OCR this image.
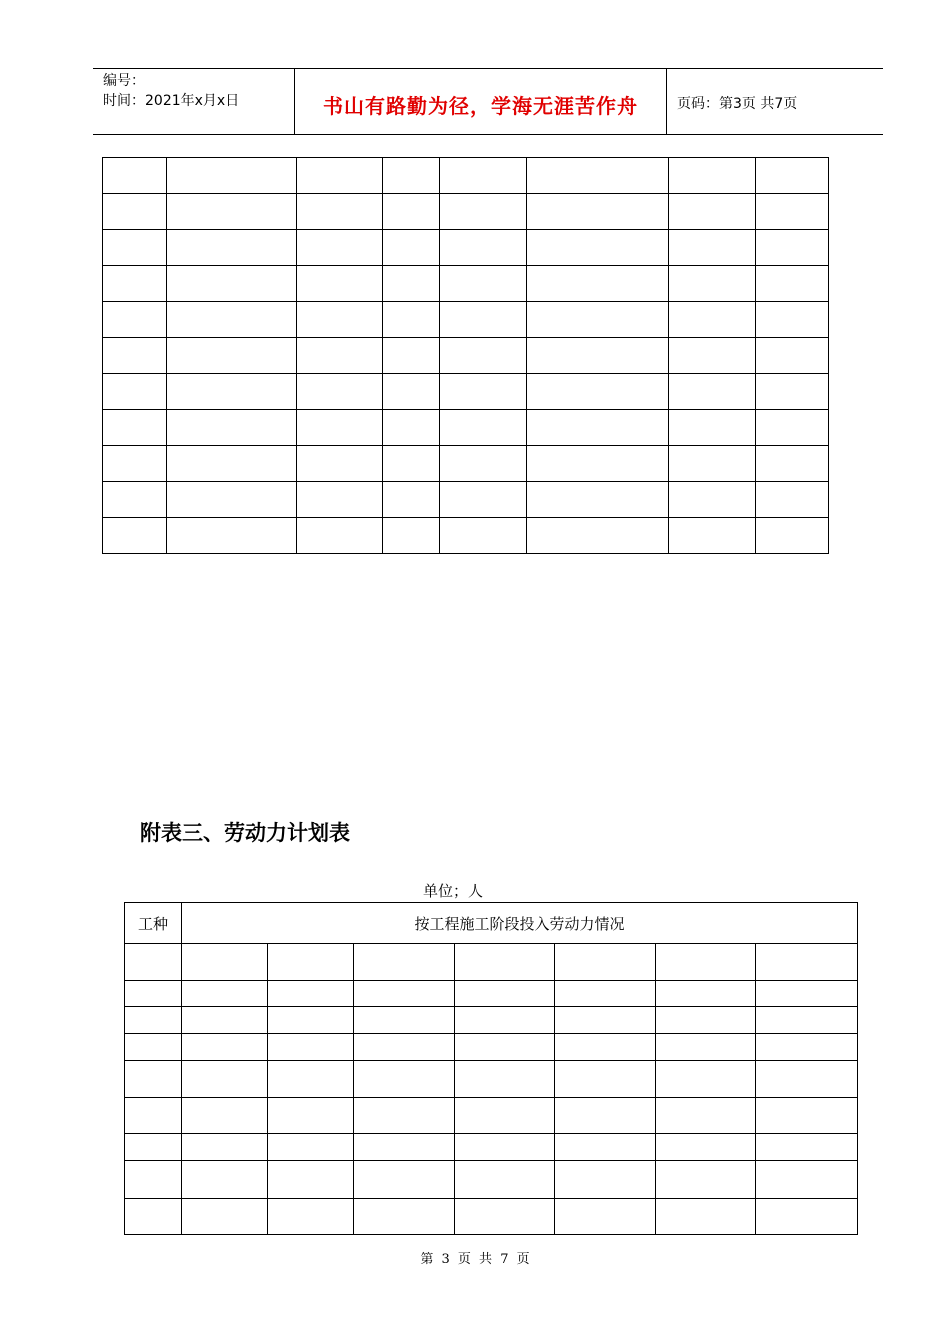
编号：
时间：2021年x月x日	书山有路勤为径，学海无涯苦作舟	页码：第3页 共7页

附表三、劳动力计划表
单位；人
工种	按工程施工阶段投入劳动力情况						

第 3 页 共 7 页
